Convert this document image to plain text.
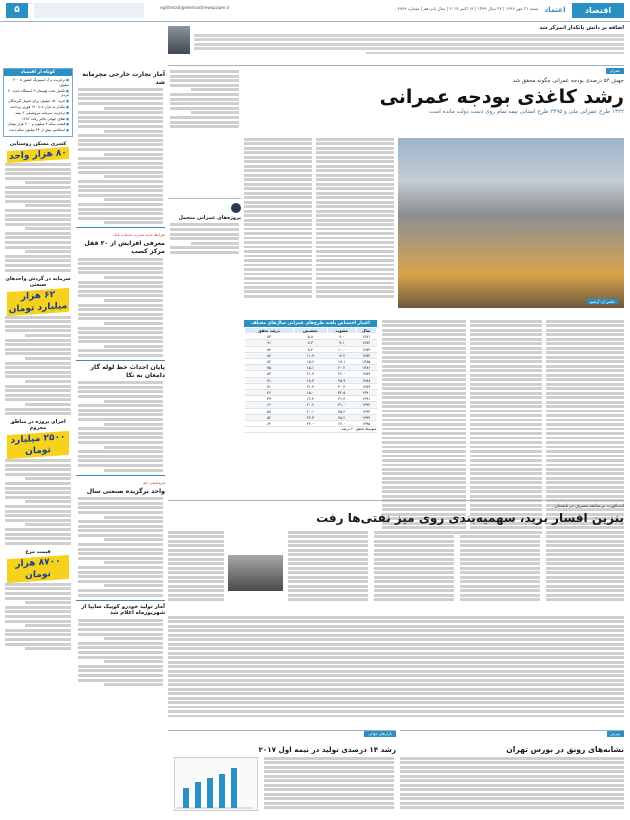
اقتصاد
اعتماد
شنبه ۲۱ مهر ۱۳۹۶ | ۲۷ سال ۱۴۳۹ | ۱۳ اکتبر ۲۰۱۷ | سال پانزدهم | شماره ۳۹۶۹
eghtesad@etemadnewspaper.ir
۵
اضافه بر دانش بانکدار اتمرکز شد
کوتاه از اقتصاد
■ ترانزیت ترک اسیپزیگ کشور تا ۳۰۰ میلیون
■ تکمیل تخت لهستان ۴ ایستگاه جدید ۲۰ مردم
■ خرید ۱۵۰ میلیون برای تحویل گیرندگان
■ بنکدار به بازار ۸ تا ۱۴۰ فوری پرداخت
■ ترانزیت سرمایه پتروشیمی ۳ بیمه
■ طلای جهانی بالاتر رفت ۱۲۸۶
■ قیمت سکه ۴ میلیون و ۲۰۰ هزار تومان
■ اسکناس بیش از ۴۴ میلیون سکه دیده
کسری مسکن روستایی
۸۰ هزار واحد
سرمایه در گردش واحدهای صنعتی
۶۲ هزار میلیارد تومان
اجرای پروژه در مناطق محروم
۲۵۰۰ میلیارد تومان
قیمت مرغ
۸۷۰۰ هزار تومان
آمار تجارت خارجی مجرمانه شد
شرایط جدید مدیرت خدمات بانک
معرفی افزایش از ۲۰ قفل مرکز کسب
پایان احداث خط لوله گاز دامغان به نکا
پتروشیمی جم
واحد برگزیده صنعتی سال
آمار تولید خودرو کوپیک سایپا از شهریورماه اعلام شد
پروژه‌های عمرانی متحمل
عمران
جهش ۵۴ درصدی بودجه عمرانی چگونه محقق شد
رشد کاغذی بودجه عمرانی
۱۴۲۲ طرح عمرانی ملی و ۲۴۹۵ طرح استانی نیمه تمام روی دست دولت مانده است
عکس از: آرشیو
اعتبار اختصاص یافته طرح‌های عمرانی سال‌های مختلف
سال	مصوب	تخصیص	درصد تحقق
۱۳۸۱	۷.۰	۵.۸	۸۳
۱۳۸۲	۹.۱	۸.۳	۹۱
۱۳۸۳	۱۰.۰	۸.۴	۸۴
۱۳۸۴	۱۴.۲	۱۱.۹	۸۴
۱۳۸۵	۱۹.۱	۱۵.۶	۸۲
۱۳۸۶	۲۰.۲	۱۵.۱	۷۵
۱۳۸۷	۲۶.۰	۲۱.۷	۸۳
۱۳۸۸	۲۵.۹	۱۸.۳	۷۱
۱۳۸۹	۳۰.۴	۲۱.۷	۷۱
۱۳۹۰	۳۲.۵	۱۵.۰	۴۶
۱۳۹۱	۳۱.۴	۱۲.۴	۳۹
۱۳۹۲	۳۱.۰	۲۰.۶	۶۶
۱۳۹۳	۳۵.۴	۲۰.۱	۵۷
۱۳۹۴	۴۵.۲	۲۳.۳	۵۲
۱۳۹۵	۶۶.۰	۴۲.۰	۶۴
متوسط تحقق ۶۰ درصد			
ابت‌کورت بی‌سابقه مصرف در تابستان
بنزین افسار برید، سهمیه‌بندی روی میز نفتی‌ها رفت
بورس
نشانه‌های رونق در بورس تهران
بازارهای جهانی
رشد ۱۴ درصدی تولید در نیمه اول ۲۰۱۷
